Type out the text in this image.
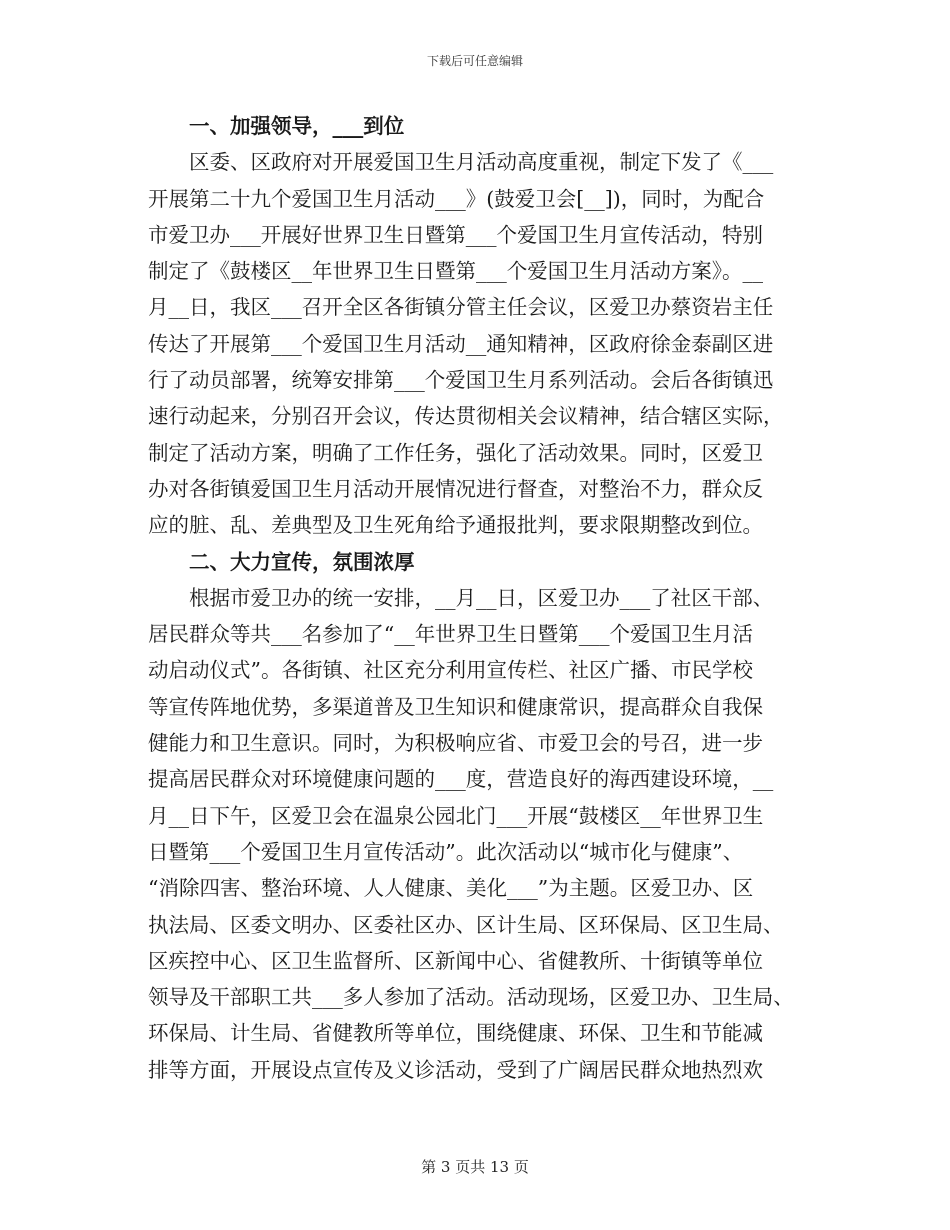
下载后可任意编辑
一、加强领导，___到位
区委、区政府对开展爱国卫生月活动高度重视，制定下发了《___
开展第二十九个爱国卫生月活动___》(鼓爱卫会[__])，同时，为配合
市爱卫办___开展好世界卫生日暨第___个爱国卫生月宣传活动，特别
制定了《鼓楼区__年世界卫生日暨第___个爱国卫生月活动方案》。__
月__日，我区___召开全区各街镇分管主任会议，区爱卫办蔡资岩主任
传达了开展第___个爱国卫生月活动__通知精神，区政府徐金泰副区进
行了动员部署，统筹安排第___个爱国卫生月系列活动。会后各街镇迅
速行动起来，分别召开会议，传达贯彻相关会议精神，结合辖区实际，
制定了活动方案，明确了工作任务，强化了活动效果。同时，区爱卫
办对各街镇爱国卫生月活动开展情况进行督查，对整治不力，群众反
应的脏、乱、差典型及卫生死角给予通报批判，要求限期整改到位。
二、大力宣传，氛围浓厚
根据市爱卫办的统一安排，__月__日，区爱卫办___了社区干部、
居民群众等共___名参加了“__年世界卫生日暨第___个爱国卫生月活
动启动仪式”。各街镇、社区充分利用宣传栏、社区广播、市民学校
等宣传阵地优势，多渠道普及卫生知识和健康常识，提高群众自我保
健能力和卫生意识。同时，为积极响应省、市爱卫会的号召，进一步
提高居民群众对环境健康问题的___度，营造良好的海西建设环境，__
月__日下午，区爱卫会在温泉公园北门___开展“鼓楼区__年世界卫生
日暨第___个爱国卫生月宣传活动”。此次活动以“城市化与健康”、
“消除四害、整治环境、人人健康、美化___”为主题。区爱卫办、区
执法局、区委文明办、区委社区办、区计生局、区环保局、区卫生局、
区疾控中心、区卫生监督所、区新闻中心、省健教所、十街镇等单位
领导及干部职工共___多人参加了活动。活动现场，区爱卫办、卫生局、
环保局、计生局、省健教所等单位，围绕健康、环保、卫生和节能减
排等方面，开展设点宣传及义诊活动，受到了广阔居民群众地热烈欢
第 3 页共 13 页
